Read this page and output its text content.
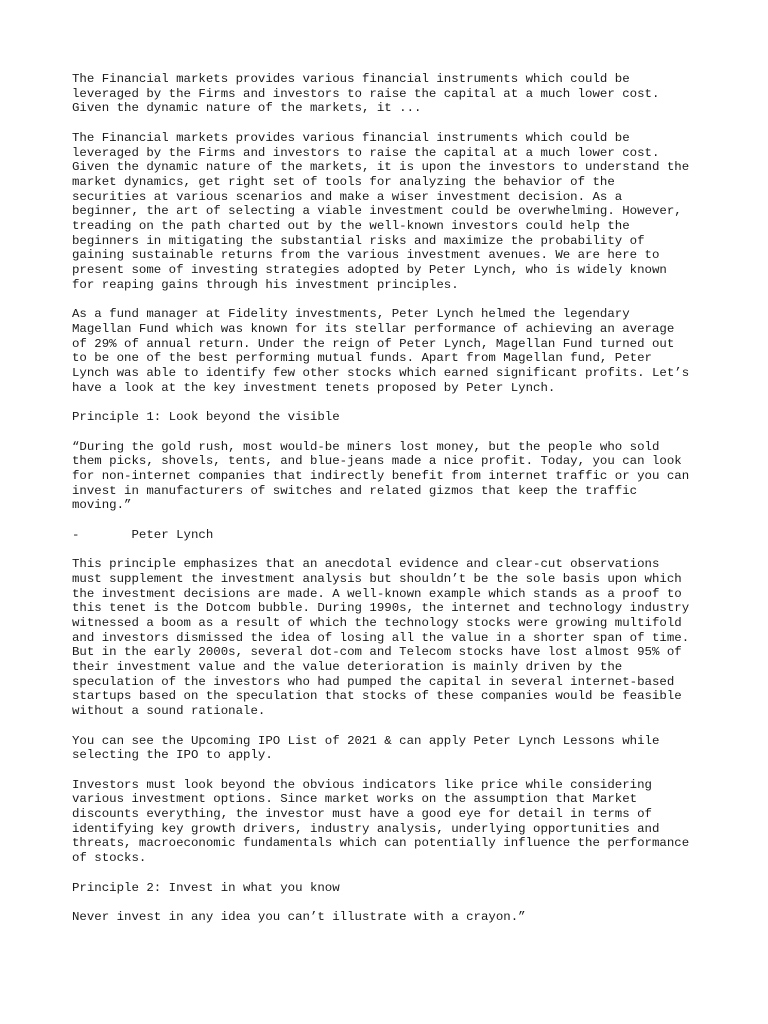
The Financial markets provides various financial instruments which could be
leveraged by the Firms and investors to raise the capital at a much lower cost.
Given the dynamic nature of the markets, it ...

The Financial markets provides various financial instruments which could be
leveraged by the Firms and investors to raise the capital at a much lower cost.
Given the dynamic nature of the markets, it is upon the investors to understand the
market dynamics, get right set of tools for analyzing the behavior of the
securities at various scenarios and make a wiser investment decision. As a
beginner, the art of selecting a viable investment could be overwhelming. However,
treading on the path charted out by the well-known investors could help the
beginners in mitigating the substantial risks and maximize the probability of
gaining sustainable returns from the various investment avenues. We are here to
present some of investing strategies adopted by Peter Lynch, who is widely known
for reaping gains through his investment principles.

As a fund manager at Fidelity investments, Peter Lynch helmed the legendary
Magellan Fund which was known for its stellar performance of achieving an average
of 29% of annual return. Under the reign of Peter Lynch, Magellan Fund turned out
to be one of the best performing mutual funds. Apart from Magellan fund, Peter
Lynch was able to identify few other stocks which earned significant profits. Let’s
have a look at the key investment tenets proposed by Peter Lynch.

Principle 1: Look beyond the visible

“During the gold rush, most would-be miners lost money, but the people who sold
them picks, shovels, tents, and blue-jeans made a nice profit. Today, you can look
for non-internet companies that indirectly benefit from internet traffic or you can
invest in manufacturers of switches and related gizmos that keep the traffic
moving.”

-       Peter Lynch

This principle emphasizes that an anecdotal evidence and clear-cut observations
must supplement the investment analysis but shouldn’t be the sole basis upon which
the investment decisions are made. A well-known example which stands as a proof to
this tenet is the Dotcom bubble. During 1990s, the internet and technology industry
witnessed a boom as a result of which the technology stocks were growing multifold
and investors dismissed the idea of losing all the value in a shorter span of time.
But in the early 2000s, several dot-com and Telecom stocks have lost almost 95% of
their investment value and the value deterioration is mainly driven by the
speculation of the investors who had pumped the capital in several internet-based
startups based on the speculation that stocks of these companies would be feasible
without a sound rationale.

You can see the Upcoming IPO List of 2021 & can apply Peter Lynch Lessons while
selecting the IPO to apply.

Investors must look beyond the obvious indicators like price while considering
various investment options. Since market works on the assumption that Market
discounts everything, the investor must have a good eye for detail in terms of
identifying key growth drivers, industry analysis, underlying opportunities and
threats, macroeconomic fundamentals which can potentially influence the performance
of stocks.

Principle 2: Invest in what you know

Never invest in any idea you can’t illustrate with a crayon.”
